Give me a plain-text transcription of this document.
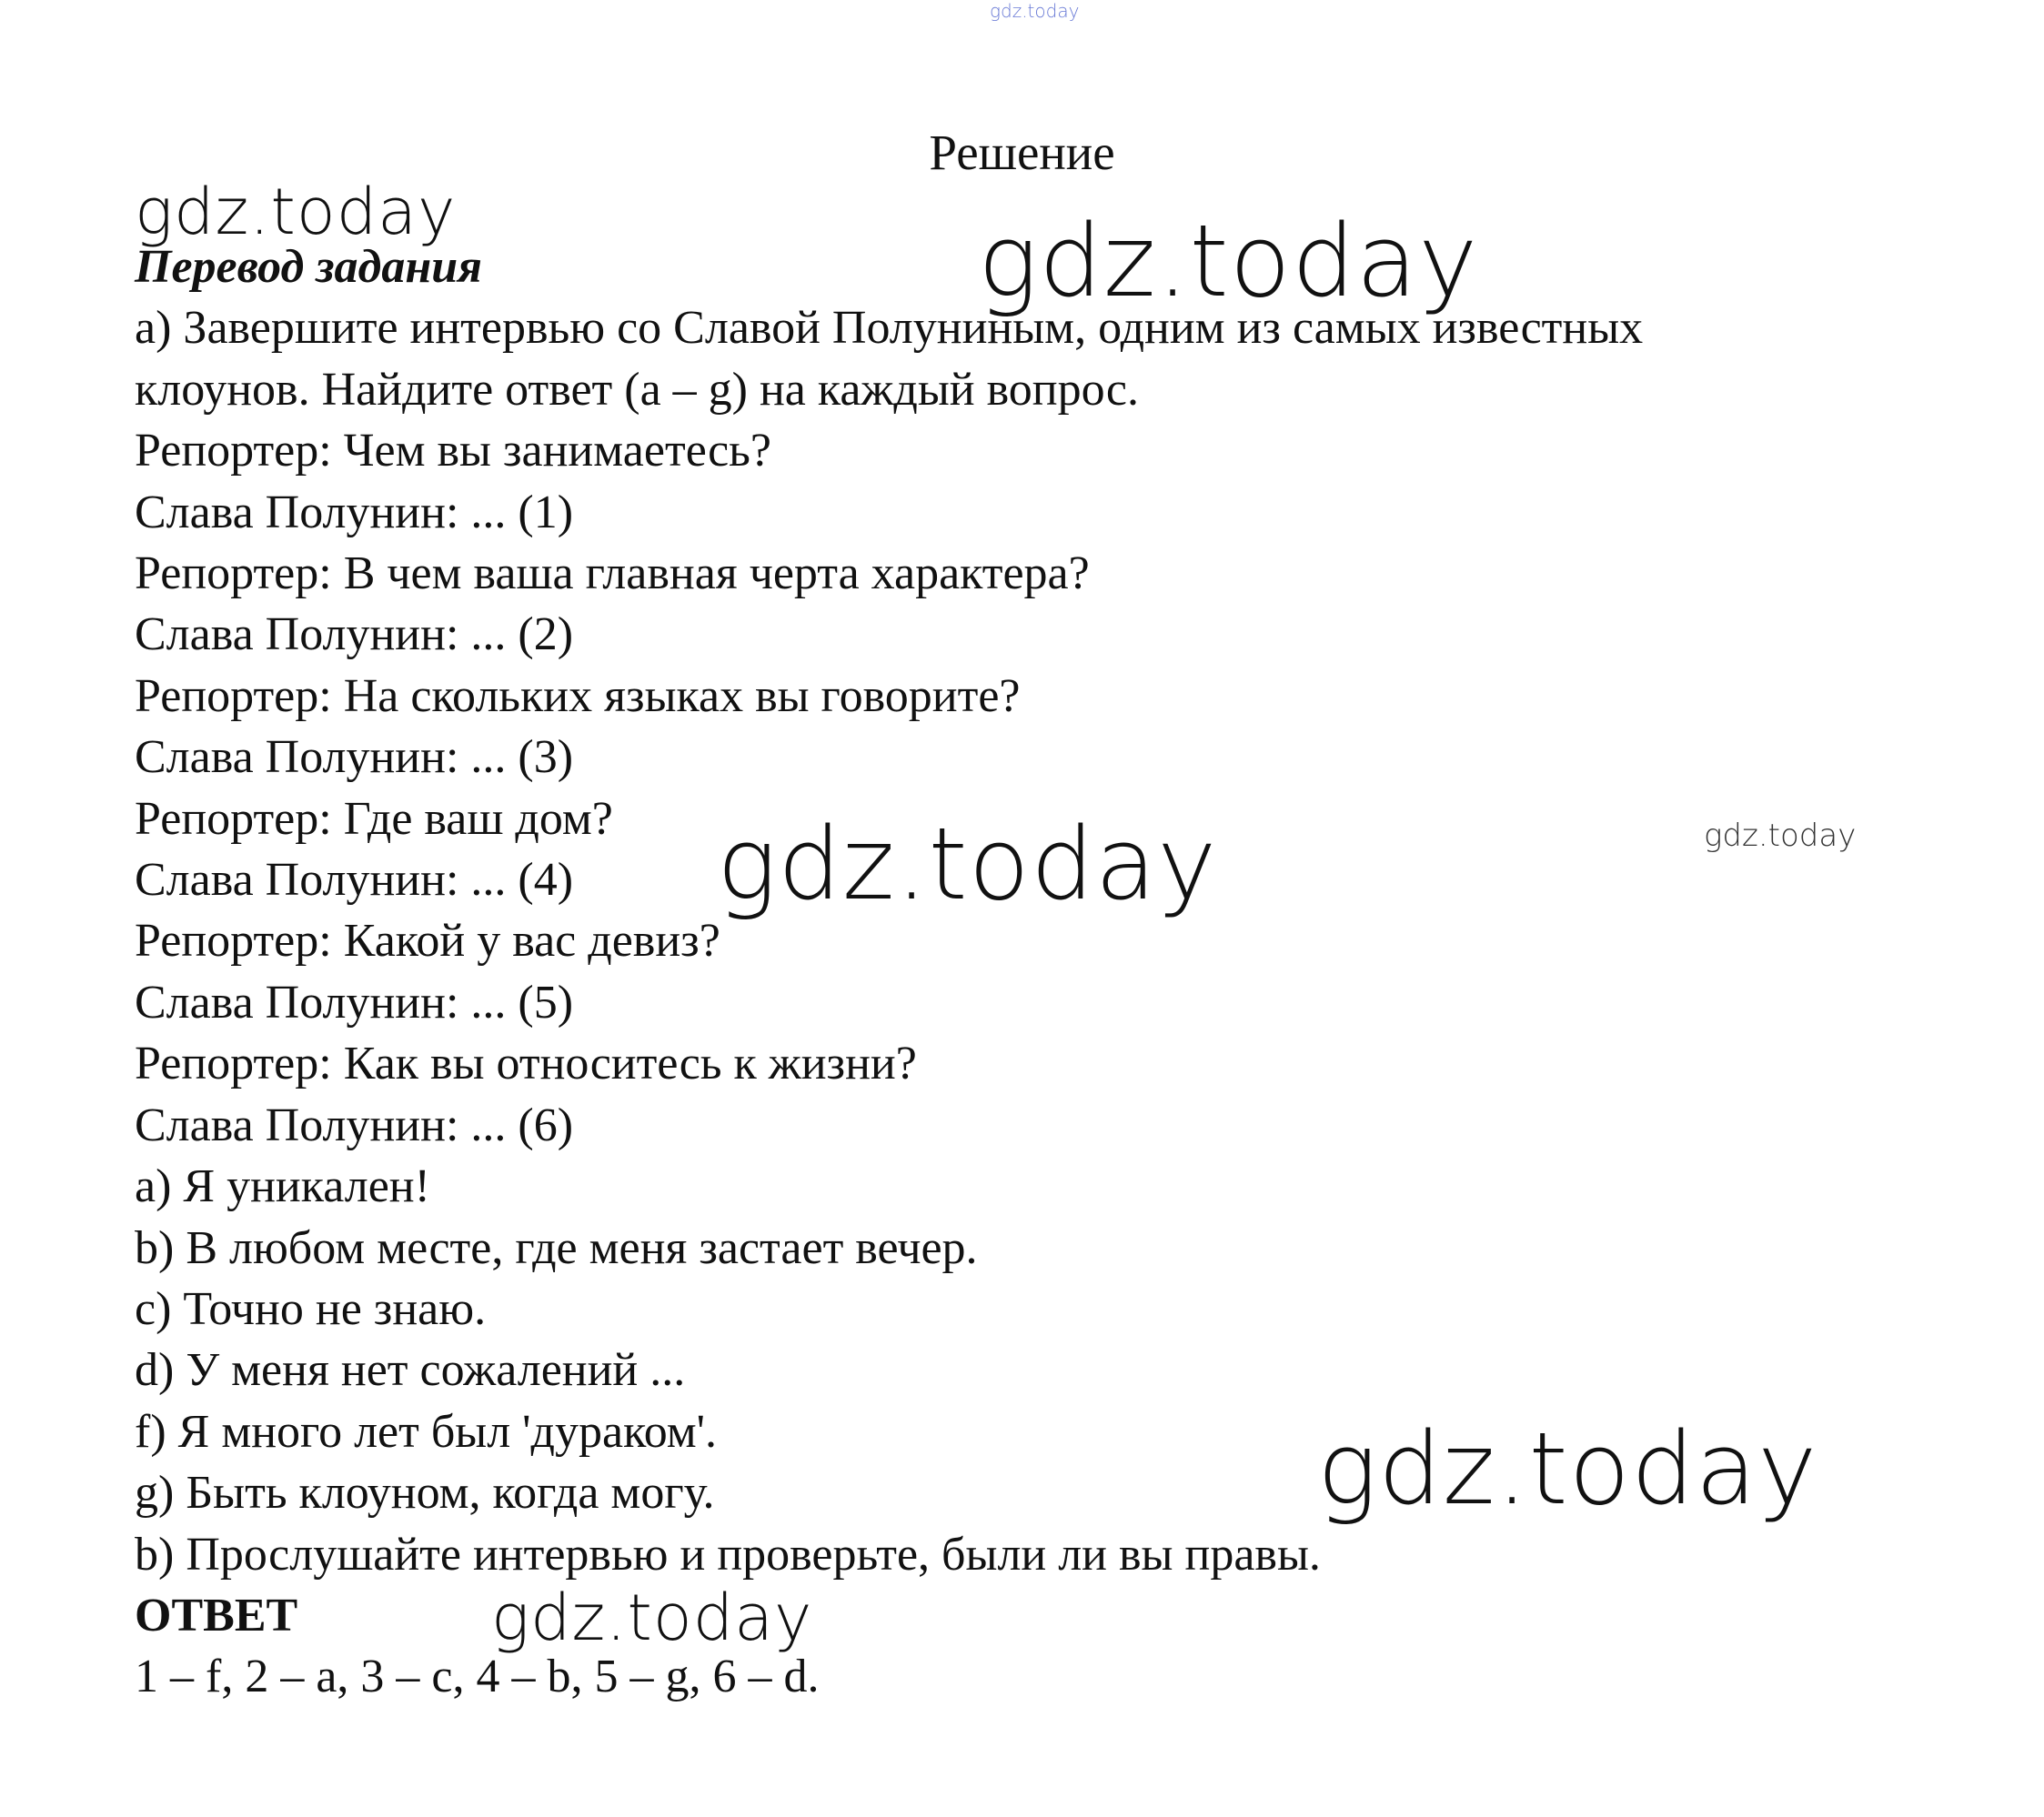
gdz.today
gdz.today	gdz.today
gdz.today
gdz.today
gdz.today
gdz.today
Решение
Перевод задания
a) Завершите интервью со Славой Полуниным, одним из самых известных
клоунов. Найдите ответ (a – g) на каждый вопрос.
Репортер: Чем вы занимаетесь?
Слава Полунин: ... (1)
Репортер: В чем ваша главная черта характера?
Слава Полунин: ... (2)
Репортер: На скольких языках вы говорите?
Слава Полунин: ... (3)
Репортер: Где ваш дом?
Слава Полунин: ... (4)
Репортер: Какой у вас девиз?
Слава Полунин: ... (5)
Репортер: Как вы относитесь к жизни?
Слава Полунин: ... (6)
a) Я уникален!
b) В любом месте, где меня застает вечер.
c) Точно не знаю.
d) У меня нет сожалений ...
f) Я много лет был 'дураком'.
g) Быть клоуном, когда могу.
b) Прослушайте интервью и проверьте, были ли вы правы.
ОТВЕТ
1 – f, 2 – a, 3 – c, 4 – b, 5 – g, 6 – d.
